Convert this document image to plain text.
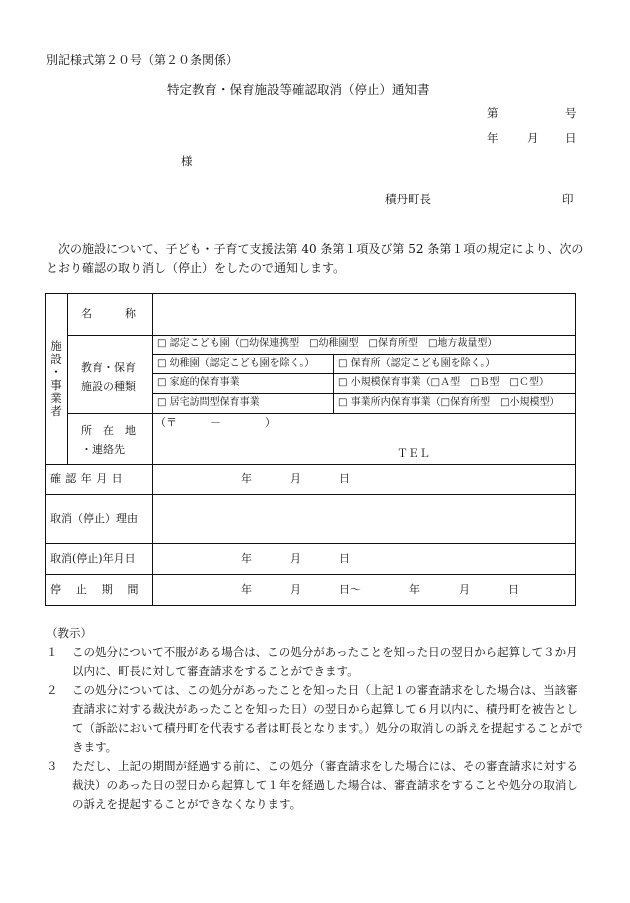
別記様式第２０号（第２０条関係）
特定教育・保育施設等確認取消（停止）通知書
第	号
年 月 日
様
積丹町長	印
次の施設について、子ども・子育て支援法第 40 条第１項及び第 52 条第１項の規定により、次のとおり確認の取り消し（停止）をしたので通知します。
施
設
・
事
業
者
名　　　称
教育・保育
施設の種類
□ 認定こども園（□幼保連携型　□幼稚園型　□保育所型　□地方裁量型）
□ 幼稚園（認定こども園を除く。） □ 保育所（認定こども園を除く。）
□ 家庭的保育事業	□ 小規模保育事業（□Ａ型　□Ｂ型　□Ｃ型）
□ 居宅訪問型保育事業	□ 事業所内保育事業（□保育所型　□小規模型）
所　在　地
・連絡先
（〒　　　－　　　　）
ＴＥＬ
確認年月日	年	月	日
取消（停止）理由
取消(停止)年月日	年	月	日
停止期間	年	月	日～	年	月	日
（教示）
１ この処分について不服がある場合は、この処分があったことを知った日の翌日から起算して３か月以内に、町長に対して審査請求をすることができます。
２ この処分については、この処分があったことを知った日（上記１の審査請求をした場合は、当該審査請求に対する裁決があったことを知った日）の翌日から起算して６月以内に、積丹町を被告として（訴訟において積丹町を代表する者は町長となります。）処分の取消しの訴えを提起することができます。
３ ただし、上記の期間が経過する前に、この処分（審査請求をした場合には、その審査請求に対する裁決）のあった日の翌日から起算して１年を経過した場合は、審査請求をすることや処分の取消しの訴えを提起することができなくなります。
